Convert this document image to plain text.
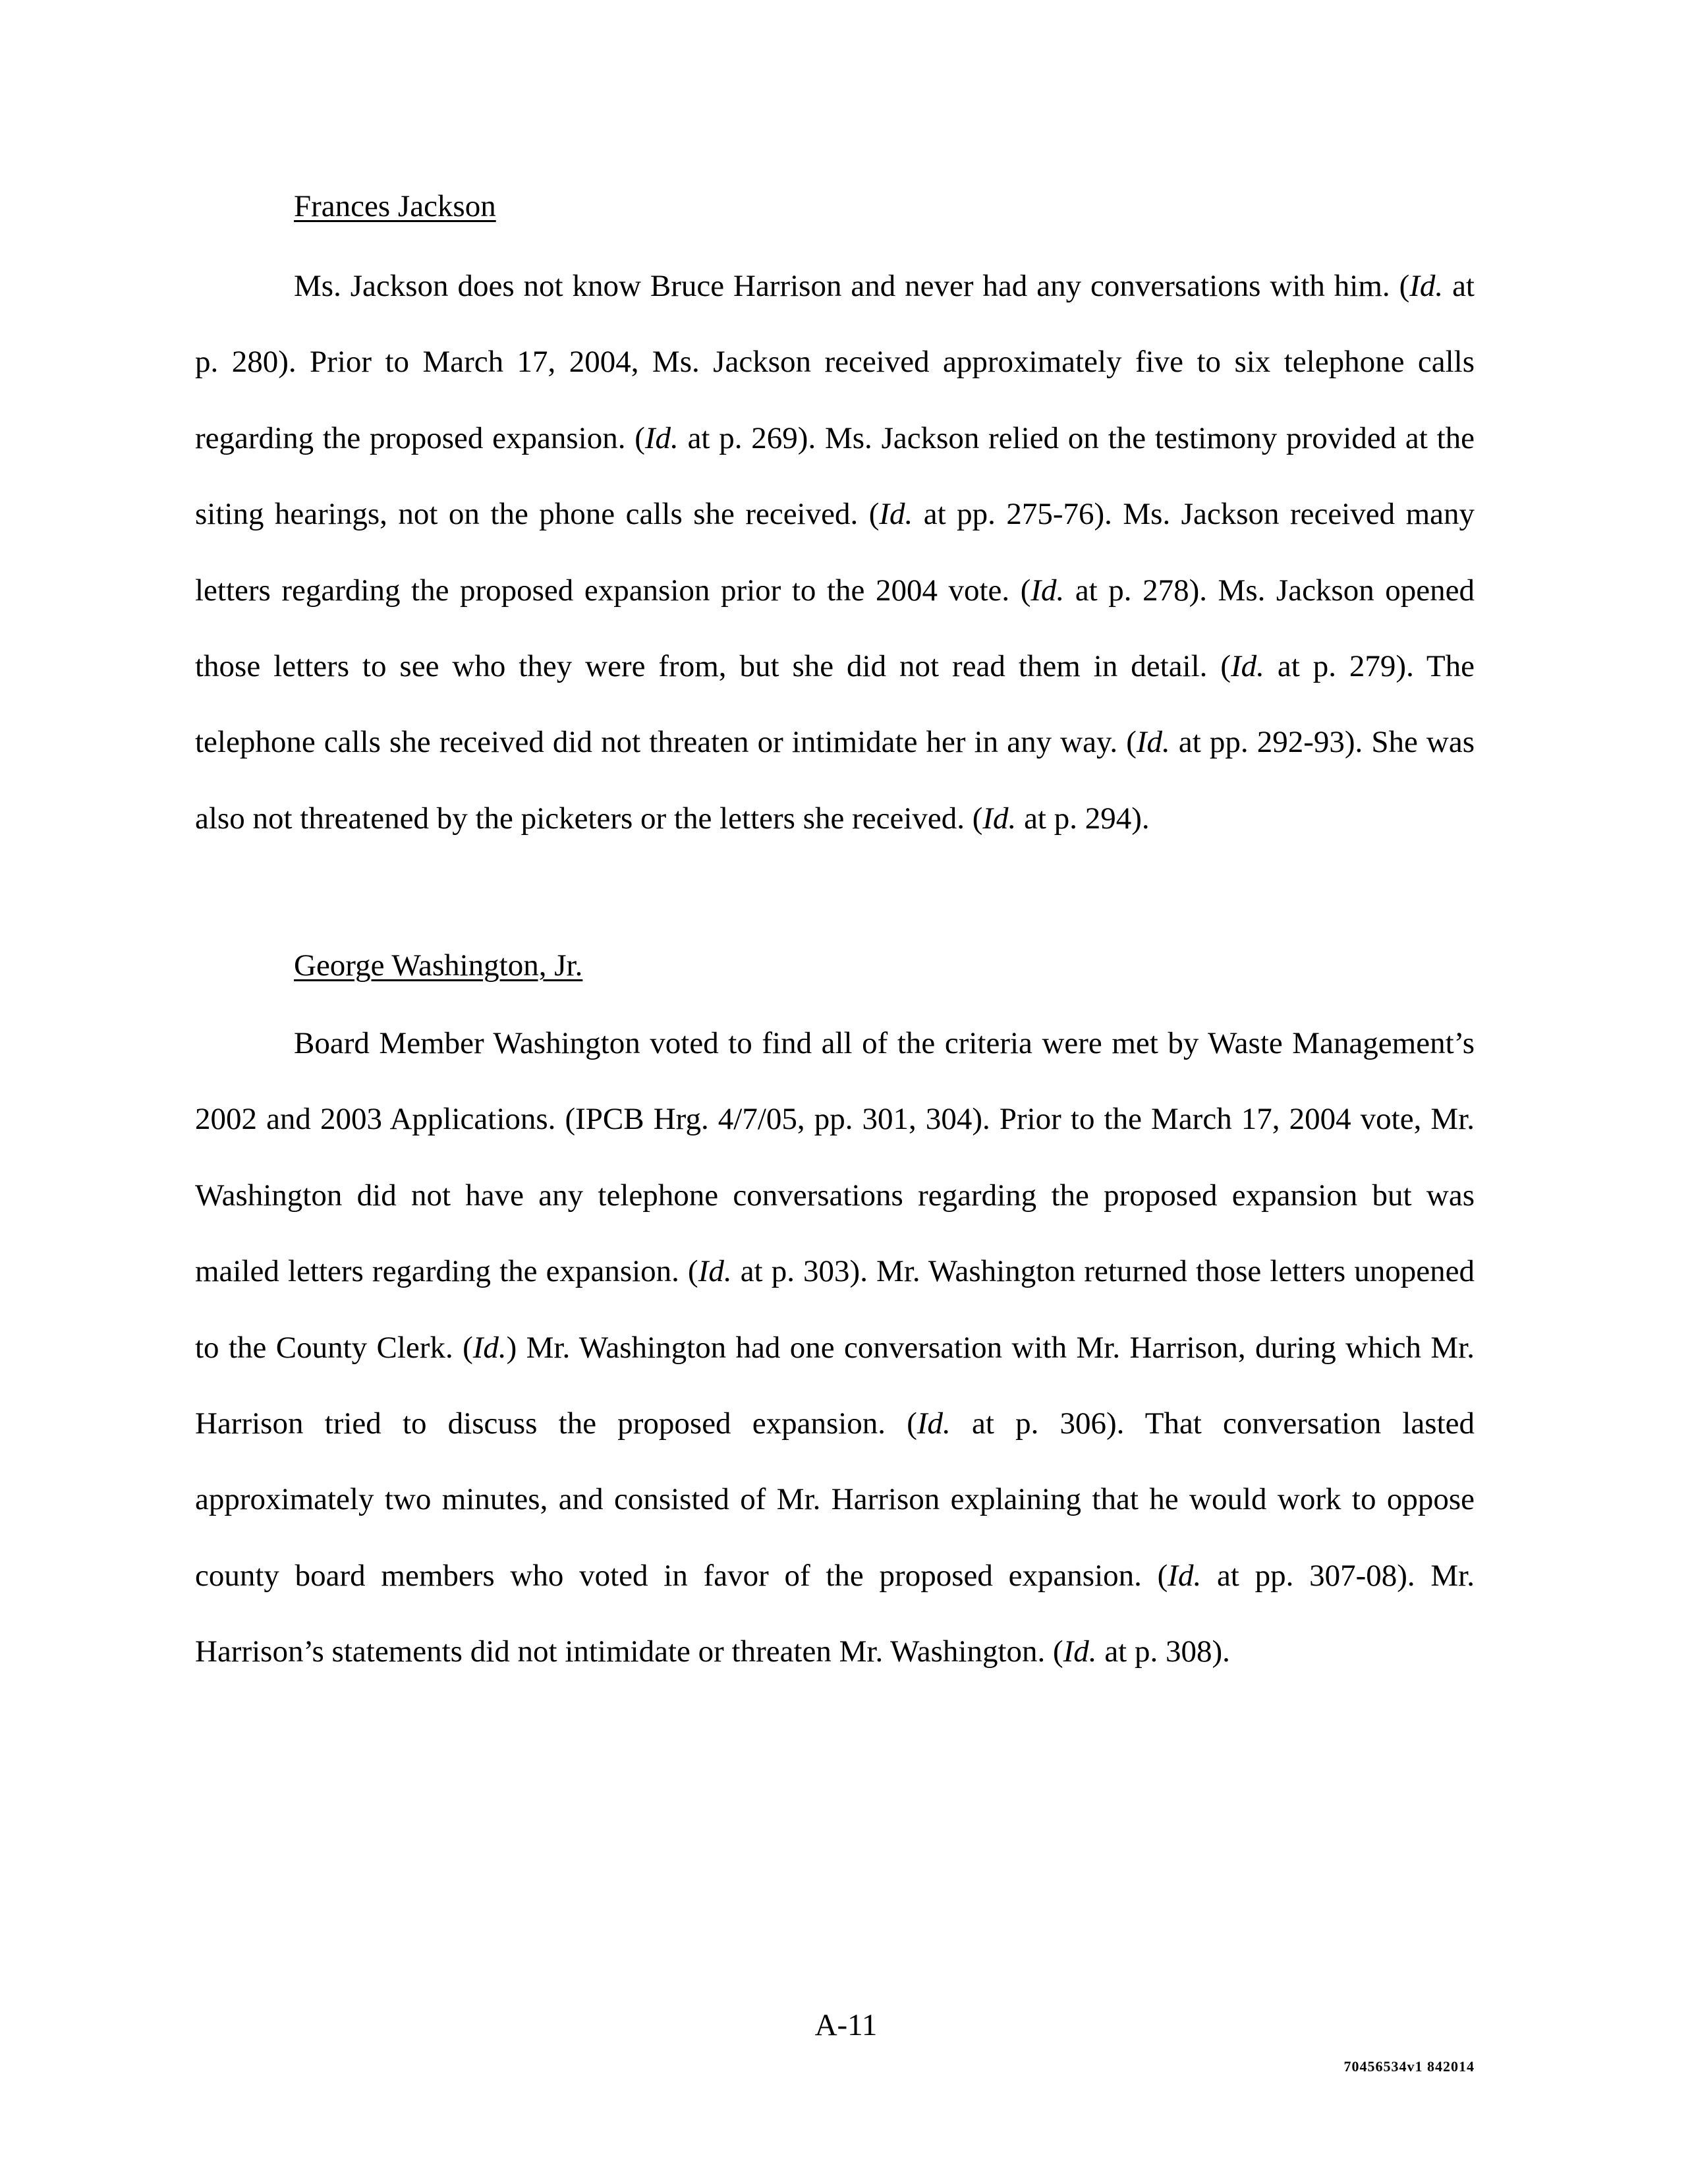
Frances Jackson

Ms. Jackson does not know Bruce Harrison and never had any conversations with him. (Id. at p. 280). Prior to March 17, 2004, Ms. Jackson received approximately five to six telephone calls regarding the proposed expansion. (Id. at p. 269). Ms. Jackson relied on the testimony provided at the siting hearings, not on the phone calls she received. (Id. at pp. 275-76). Ms. Jackson received many letters regarding the proposed expansion prior to the 2004 vote. (Id. at p. 278). Ms. Jackson opened those letters to see who they were from, but she did not read them in detail. (Id. at p. 279). The telephone calls she received did not threaten or intimidate her in any way. (Id. at pp. 292-93). She was also not threatened by the picketers or the letters she received. (Id. at p. 294).

George Washington, Jr.

Board Member Washington voted to find all of the criteria were met by Waste Management’s 2002 and 2003 Applications. (IPCB Hrg. 4/7/05, pp. 301, 304). Prior to the March 17, 2004 vote, Mr. Washington did not have any telephone conversations regarding the proposed expansion but was mailed letters regarding the expansion. (Id. at p. 303). Mr. Washington returned those letters unopened to the County Clerk. (Id.) Mr. Washington had one conversation with Mr. Harrison, during which Mr. Harrison tried to discuss the proposed expansion. (Id. at p. 306). That conversation lasted approximately two minutes, and consisted of Mr. Harrison explaining that he would work to oppose county board members who voted in favor of the proposed expansion. (Id. at pp. 307-08). Mr. Harrison’s statements did not intimidate or threaten Mr. Washington. (Id. at p. 308).

A-11
70456534v1 842014
